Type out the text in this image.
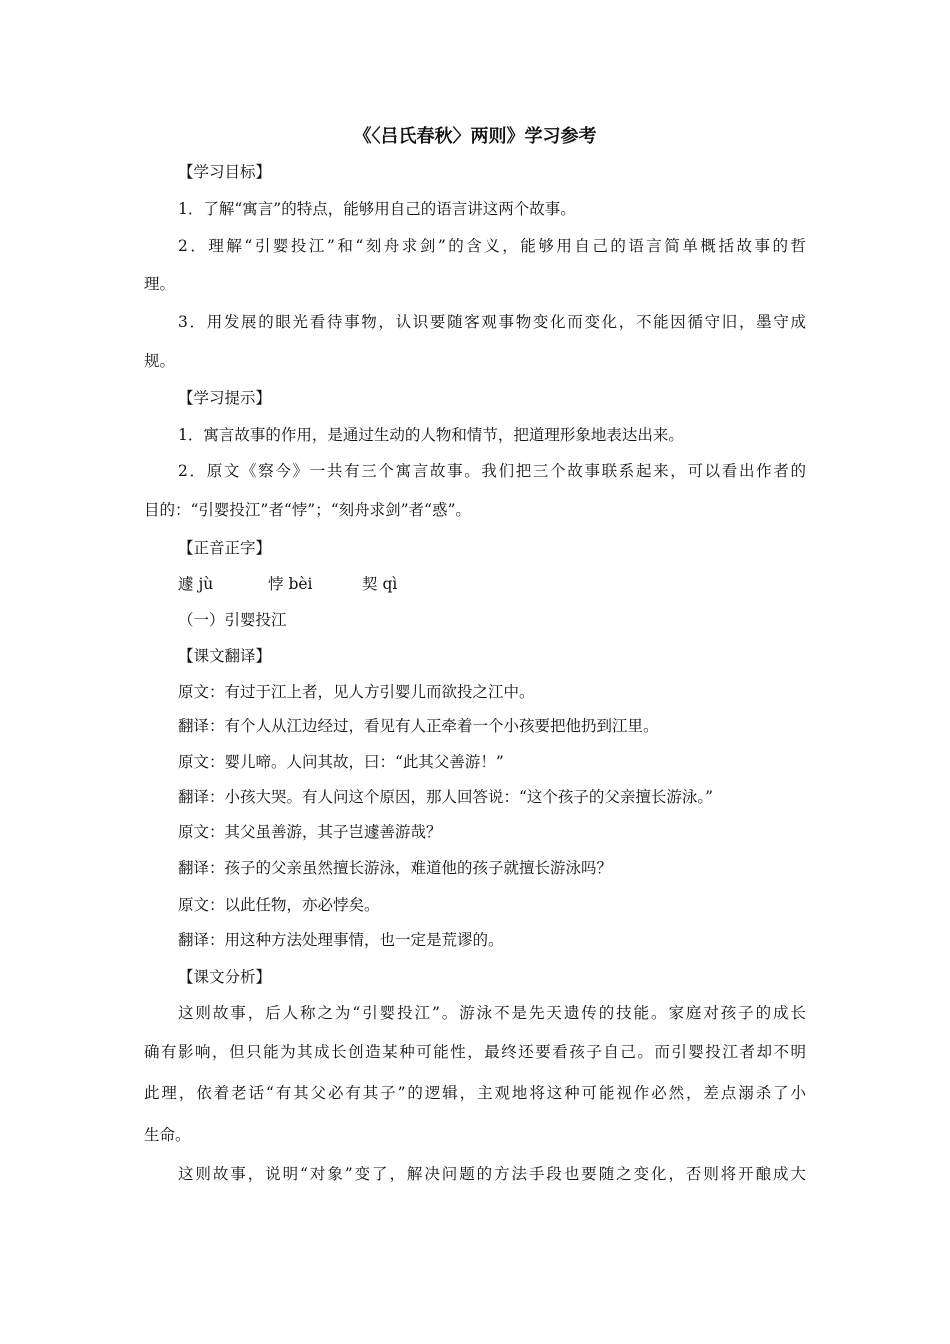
《〈吕氏春秋〉两则》学习参考

【学习目标】

1．了解“寓言”的特点，能够用自己的语言讲这两个故事。

2．理解“引婴投江”和“刻舟求剑”的含义，能够用自己的语言简单概括故事的哲

理。

3．用发展的眼光看待事物，认识要随客观事物变化而变化，不能因循守旧，墨守成

规。

【学习提示】

1．寓言故事的作用，是通过生动的人物和情节，把道理形象地表达出来。

2．原文《察今》一共有三个寓言故事。我们把三个故事联系起来，可以看出作者的

目的：“引婴投江”者“悖”；“刻舟求剑”者“惑”。

【正音正字】

遽 jù	悖 bèi	契 qì

（一）引婴投江

【课文翻译】

原文：有过于江上者，见人方引婴儿而欲投之江中。

翻译：有个人从江边经过，看见有人正牵着一个小孩要把他扔到江里。

原文：婴儿啼。人问其故，曰：“此其父善游！”

翻译：小孩大哭。有人问这个原因，那人回答说：“这个孩子的父亲擅长游泳。”

原文：其父虽善游，其子岂遽善游哉？

翻译：孩子的父亲虽然擅长游泳，难道他的孩子就擅长游泳吗？

原文：以此任物，亦必悖矣。

翻译：用这种方法处理事情，也一定是荒谬的。

【课文分析】

这则故事，后人称之为“引婴投江”。游泳不是先天遗传的技能。家庭对孩子的成长

确有影响，但只能为其成长创造某种可能性，最终还要看孩子自己。而引婴投江者却不明

此理，依着老话“有其父必有其子”的逻辑，主观地将这种可能视作必然，差点溺杀了小

生命。

这则故事，说明“对象”变了，解决问题的方法手段也要随之变化，否则将开酿成大
